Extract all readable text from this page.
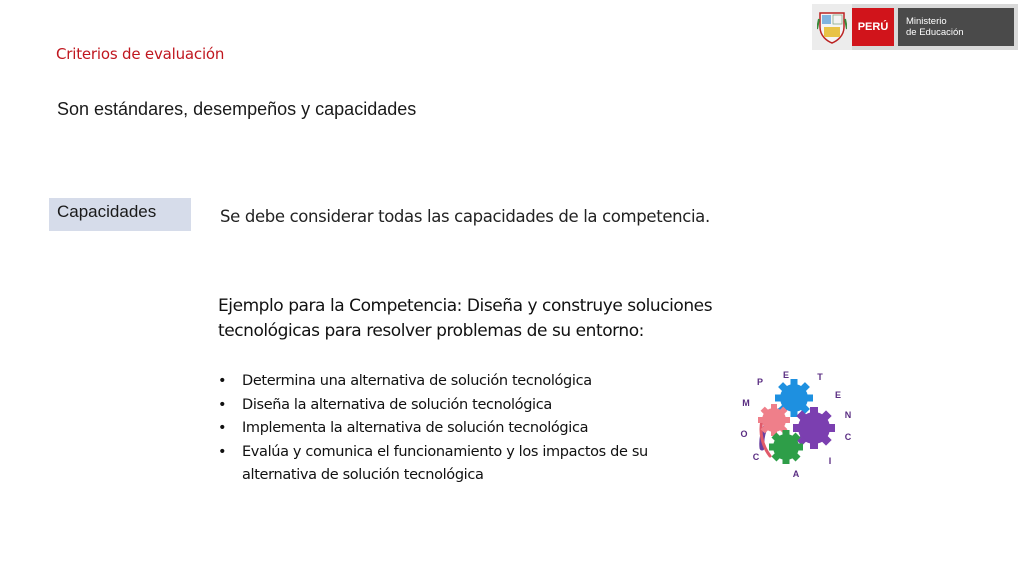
PERÚ	Ministerio
de Educación
Criterios de evaluación
Son estándares, desempeños y capacidades
Capacidades	Se debe considerar todas las capacidades de la competencia.
Ejemplo para la Competencia: Diseña y construye soluciones tecnológicas para resolver problemas de su entorno:
• Determina una alternativa de solución tecnológica
• Diseña la alternativa de solución tecnológica
• Implementa la alternativa de solución tecnológica
• Evalúa y comunica el funcionamiento y los impactos de su alternativa de solución tecnológica
C
O
M
P
E	T
E
N
C
I
A
